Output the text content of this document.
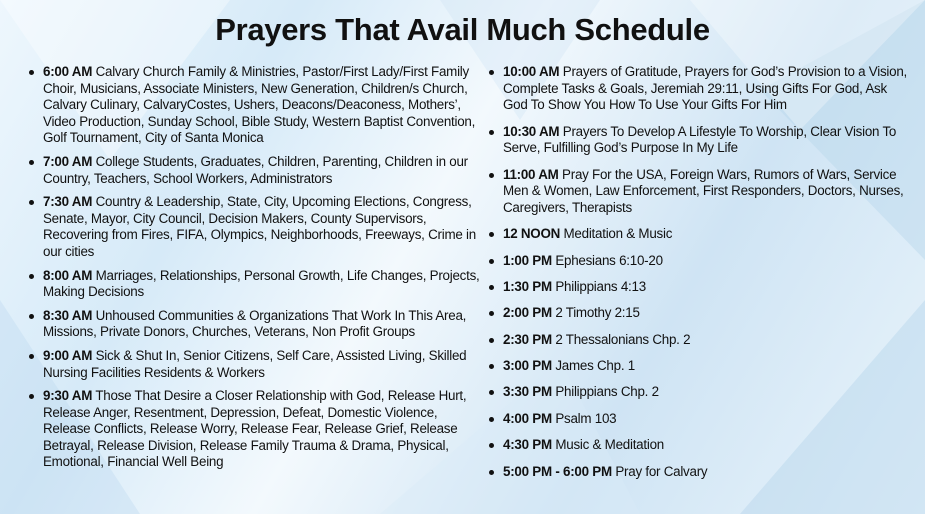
Prayers That Avail Much Schedule
6:00 AM Calvary Church Family & Ministries, Pastor/First Lady/First Family Choir, Musicians, Associate Ministers, New Generation, Children/s Church, Calvary Culinary, CalvaryCostes, Ushers, Deacons/Deaconess, Mothers’, Video Production, Sunday School, Bible Study, Western Baptist Convention, Golf Tournament, City of Santa Monica
7:00 AM College Students, Graduates, Children, Parenting, Children in our Country, Teachers, School Workers, Administrators
7:30 AM Country & Leadership, State, City, Upcoming Elections, Congress, Senate, Mayor, City Council, Decision Makers, County Supervisors, Recovering from Fires, FIFA, Olympics, Neighborhoods, Freeways, Crime in our cities
8:00 AM Marriages, Relationships, Personal Growth, Life Changes, Projects, Making Decisions
8:30 AM Unhoused Communities & Organizations That Work In This Area, Missions, Private Donors, Churches, Veterans, Non Profit Groups
9:00 AM Sick & Shut In, Senior Citizens, Self Care, Assisted Living, Skilled Nursing Facilities Residents & Workers
9:30 AM Those That Desire a Closer Relationship with God, Release Hurt, Release Anger, Resentment, Depression, Defeat, Domestic Violence, Release Conflicts, Release Worry, Release Fear, Release Grief, Release Betrayal, Release Division, Release Family Trauma & Drama, Physical, Emotional, Financial Well Being
10:00 AM Prayers of Gratitude, Prayers for God’s Provision to a Vision, Complete Tasks & Goals, Jeremiah 29:11, Using Gifts For God, Ask God To Show You How To Use Your Gifts For Him
10:30 AM Prayers To Develop A Lifestyle To Worship, Clear Vision To Serve, Fulfilling God’s Purpose In My Life
11:00 AM Pray For the USA, Foreign Wars, Rumors of Wars, Service Men & Women, Law Enforcement, First Responders, Doctors, Nurses, Caregivers, Therapists
12 NOON Meditation & Music
1:00 PM Ephesians 6:10-20
1:30 PM Philippians 4:13
2:00 PM 2 Timothy 2:15
2:30 PM 2 Thessalonians Chp. 2
3:00 PM James Chp. 1
3:30 PM Philippians Chp. 2
4:00 PM Psalm 103
4:30 PM Music & Meditation
5:00 PM - 6:00 PM Pray for Calvary
